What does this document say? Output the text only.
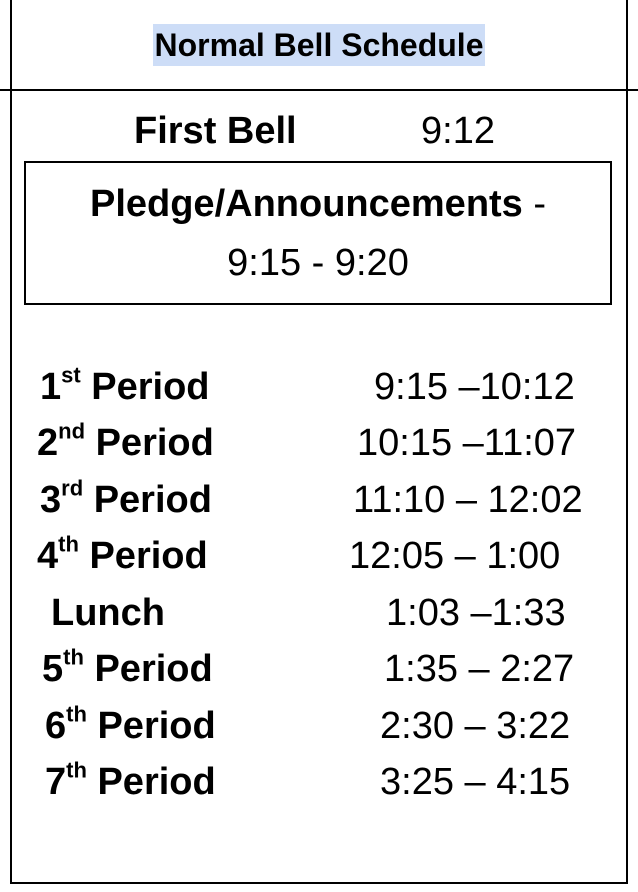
Normal Bell Schedule
First Bell	9:12
Pledge/Announcements -
9:15 - 9:20
1st Period	9:15 –10:12
2nd Period	10:15 –11:07
3rd Period	11:10 – 12:02
4th Period	12:05 – 1:00
Lunch	1:03 –1:33
5th Period	1:35 – 2:27
6th Period	2:30 – 3:22
7th Period	3:25 – 4:15
